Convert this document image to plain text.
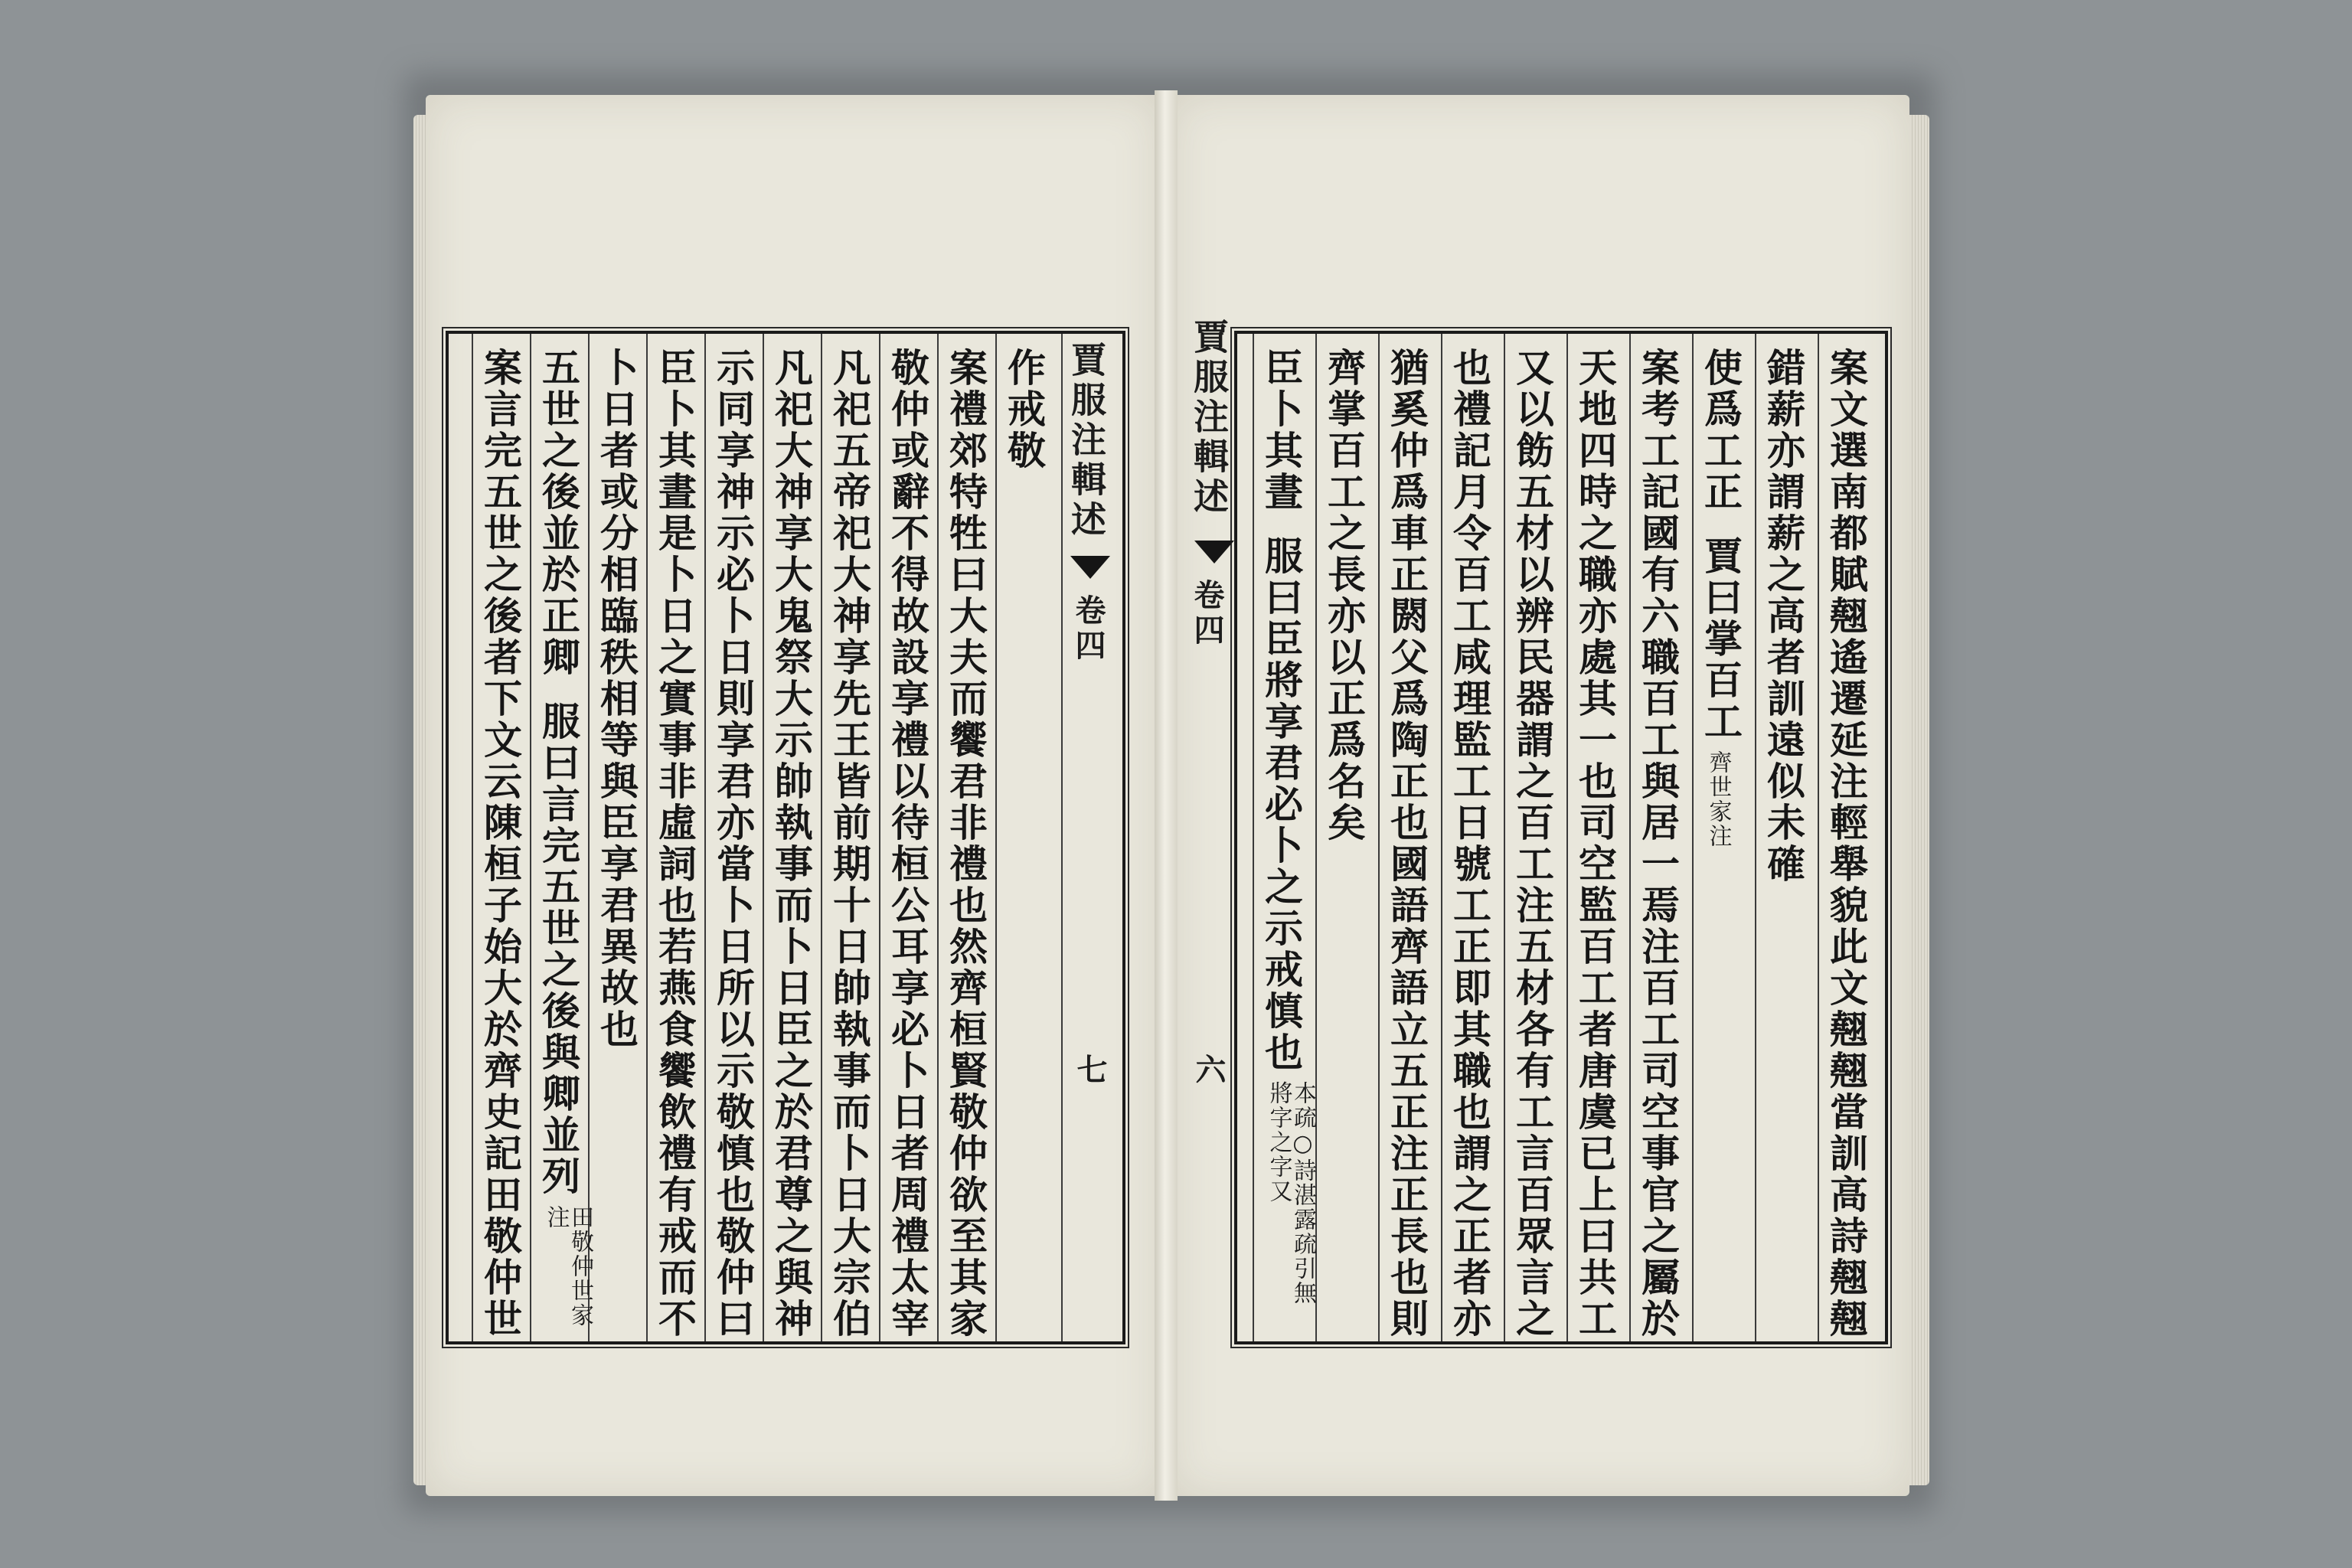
賈服注輯述
卷四
七
作戒敬
案禮郊特牲曰大夫而饗君非禮也然齊桓賢敬仲欲至其家
敬仲或辭不得故設享禮以待桓公耳享必卜日者周禮太宰
凡祀五帝祀大神享先王皆前期十日帥執事而卜日大宗伯
凡祀大神享大鬼祭大示帥執事而卜日臣之於君尊之與神
示同享神示必卜日則享君亦當卜日所以示敬慎也敬仲曰
臣卜其晝是卜日之實事非虛詞也若燕食饗飲禮有戒而不
卜日者或分相臨秩相等與臣享君異故也
五世之後並於正卿
服曰言完五世之後與卿並列
田敬仲世家注
案言完五世之後者下文云陳桓子始大於齊史記田敬仲世	賈服注輯述
卷四
六	案文選南都賦翹遙遷延注輕舉貌此文翹翹當訓高詩翹翹
錯薪亦謂薪之高者訓遠似未確
使爲工正
賈曰掌百工
齊世家注
案考工記國有六職百工與居一焉注百工司空事官之屬於
天地四時之職亦處其一也司空監百工者唐虞已上曰共工
又以飭五材以辨民器謂之百工注五材各有工言百眾言之
也禮記月令百工咸理監工日號工正即其職也謂之正者亦
猶奚仲爲車正閼父爲陶正也國語齊語立五正注正長也則
齊掌百工之長亦以正爲名矣
臣卜其晝
服曰臣將享君必卜之示戒慎也
本疏○詩湛露疏引無將字之字又
